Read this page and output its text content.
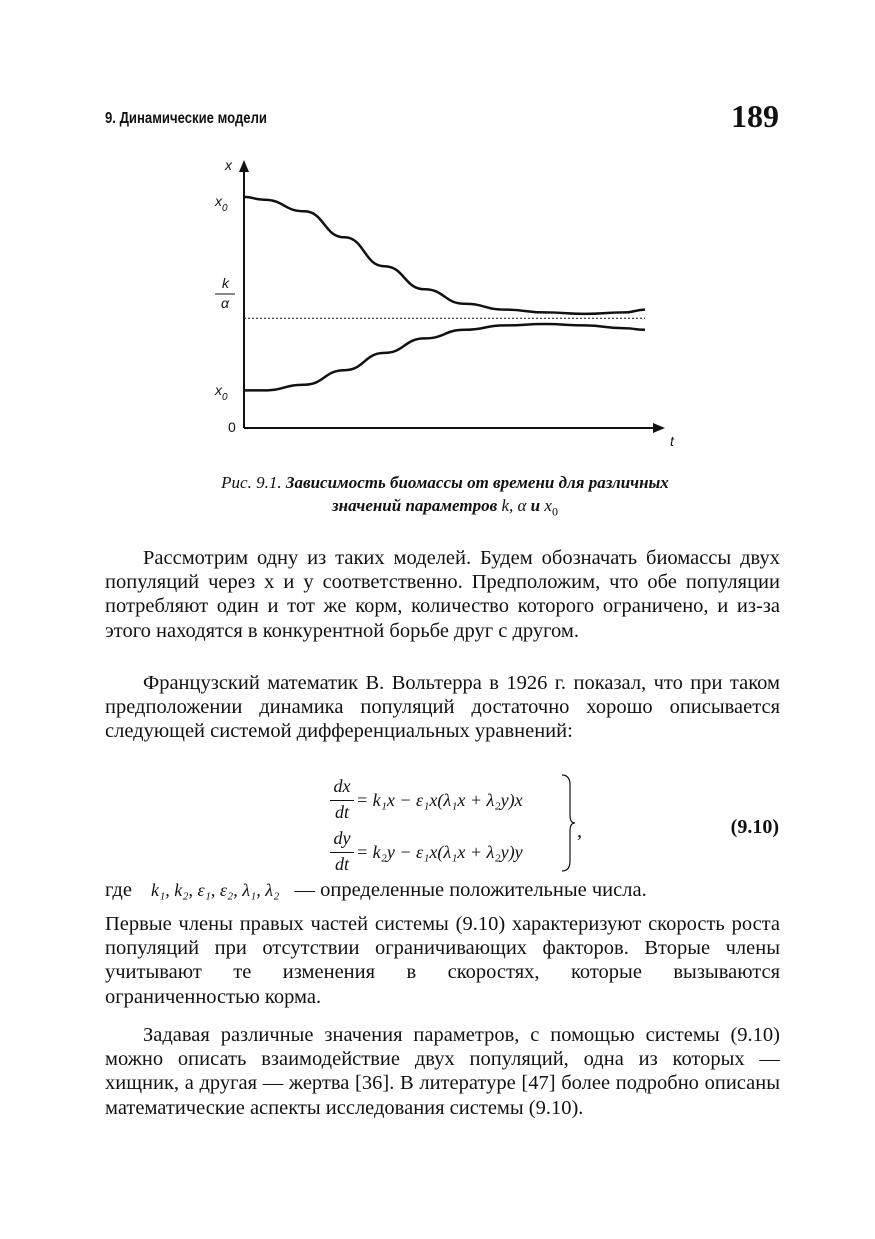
9. Динамические модели	189
x
t
$x_0$
$x_0$
0
k
α
Рис. 9.1. Зависимость биомассы от времени для различных
значений параметров k, α и $x_0$

Рассмотрим одну из таких моделей. Будем обозначать биомассы двух популяций через x и y соответственно. Предположим, что обе популяции потребляют один и тот же корм, количество которого ограничено, и из-за этого находятся в конкурентной борьбе друг с другом.

Французский математик В. Вольтерра в 1926 г. показал, что при таком предположении динамика популяций достаточно хорошо описывается следующей системой дифференциальных уравнений:

dx
dt
= k₁x − ε₁x(λ₁x + λ₂y)x
dy
dt
= k₂y − ε₁x(λ₁x + λ₂y)y
,	(9.10)
где k₁, k₂, ε₁, ε₂, λ₁, λ₂ — определенные положительные числа.

Первые члены правых частей системы (9.10) характеризуют скорость роста популяций при отсутствии ограничивающих факторов. Вторые члены учитывают те изменения в скоростях, которые вызываются ограниченностью корма.

Задавая различные значения параметров, с помощью системы (9.10) можно описать взаимодействие двух популяций, одна из которых — хищник, а другая — жертва [36]. В литературе [47] более подробно описаны математические аспекты исследования системы (9.10).
